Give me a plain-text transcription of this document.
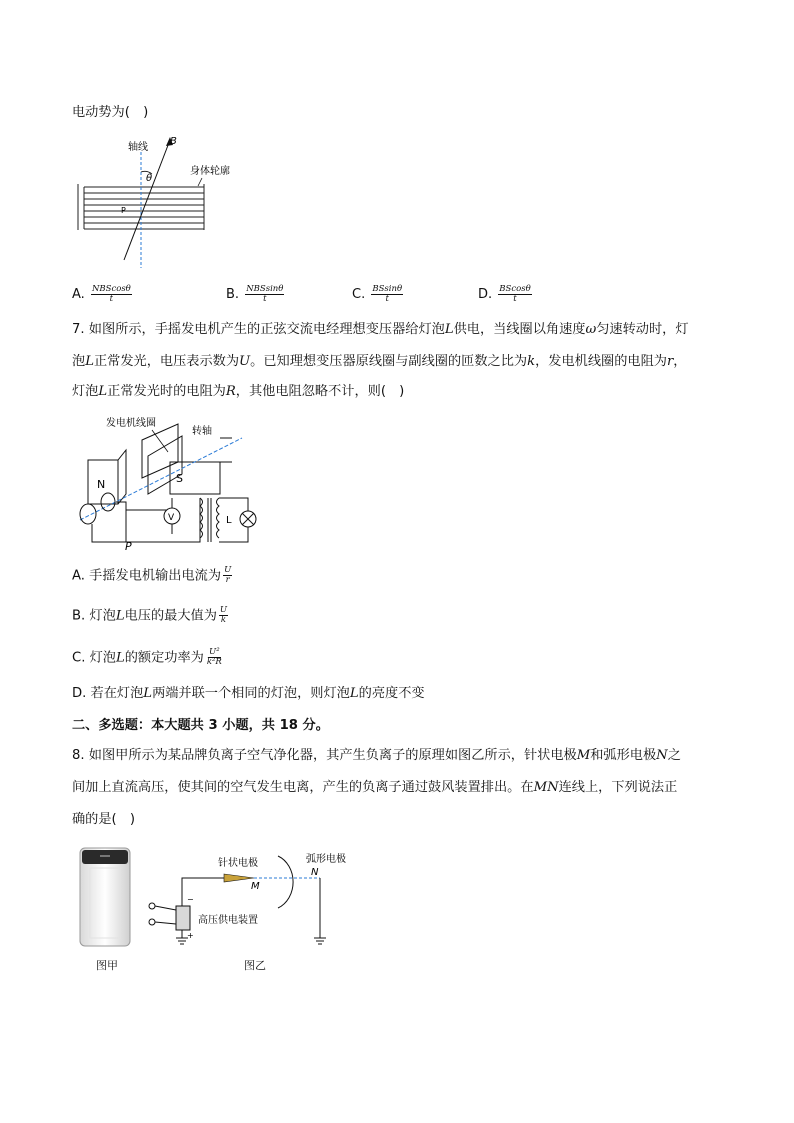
电动势为(　)
B
轴线
θ
身体轮廓
P
A. $\frac{\text{NBScosθ}}{t}$	B. $\frac{\text{NBSsinθ}}{t}$	C. $\frac{BSsin\theta}{t}$	D. $\frac{BScos\theta}{t}$
7. 如图所示，手摇发电机产生的正弦交流电经理想变压器给灯泡L供电，当线圈以角速度ω匀速转动时，灯
泡L正常发光，电压表示数为U。已知理想变压器原线圈与副线圈的匝数之比为k，发电机线圈的电阻为r，
灯泡L正常发光时的电阻为R，其他电阻忽略不计，则(　)
发电机线圈
转轴
N	S
V	L
P
A. 手摇发电机输出电流为 $\frac{U}{r}$
B. 灯泡L电压的最大值为 $\frac{U}{k}$
C. 灯泡L的额定功率为 $\frac{\text{U²}}{\text{k²R}}$
D. 若在灯泡L两端并联一个相同的灯泡，则灯泡L的亮度不变
二、多选题：本大题共 3 小题，共 18 分。
8. 如图甲所示为某品牌负离子空气净化器，其产生负离子的原理如图乙所示，针状电极M和弧形电极N之
间加上直流高压，使其间的空气发生电离，产生的负离子通过鼓风装置排出。在MN连线上，下列说法正
确的是(　)
图甲
针状电极	弧形电极
M
N
−
+
高压供电装置
图乙
